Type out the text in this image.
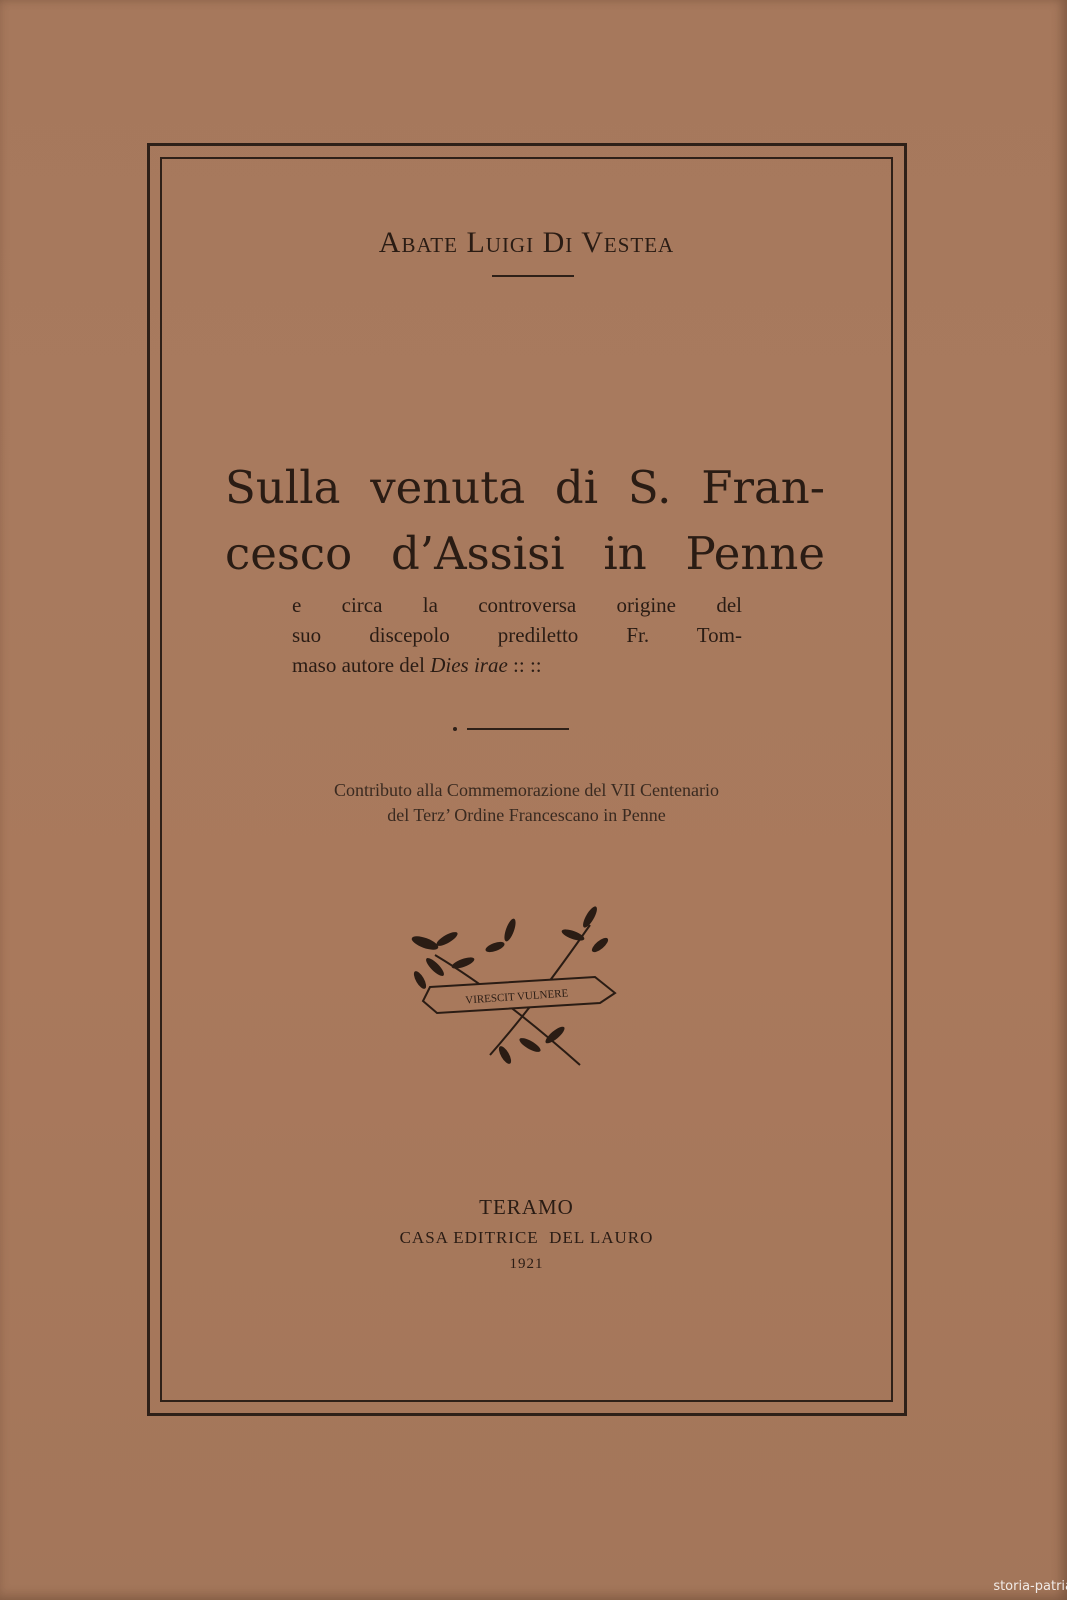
Abate Luigi Di Vestea
Sulla venuta di S. Fran-
cesco d’Assisi in Penne
e circa la controversa origine del
suo discepolo prediletto Fr. Tom-
maso autore del Dies irae :: ::
Contributo alla Commemorazione del VII Centenario
del Terz’ Ordine Francescano in Penne
VIRESCIT VULNERE
TERAMO
CASA EDITRICE  DEL LAURO
1921
storia-patria
